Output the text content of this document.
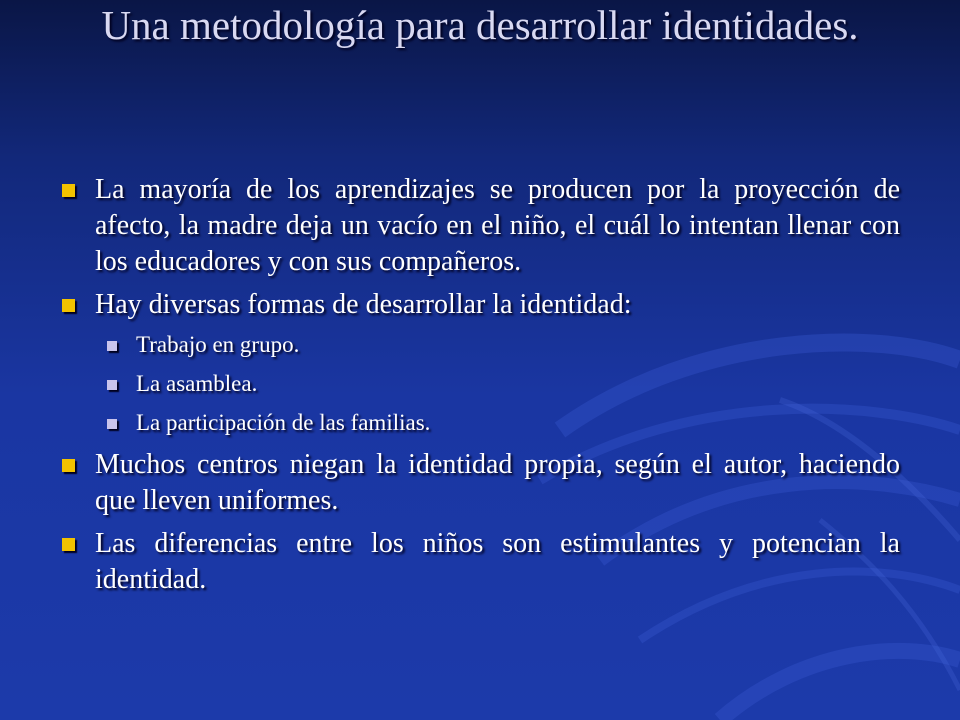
Una metodología para desarrollar identidades.
La mayoría de los aprendizajes se producen por la proyección de afecto, la madre deja un vacío en el niño, el cuál lo intentan llenar con los educadores y con sus compañeros.
Hay diversas formas de desarrollar la identidad:
Trabajo en grupo.
La asamblea.
La participación de las familias.
Muchos centros niegan la identidad propia, según el autor, haciendo que lleven uniformes.
Las diferencias entre los niños son estimulantes y potencian la identidad.
